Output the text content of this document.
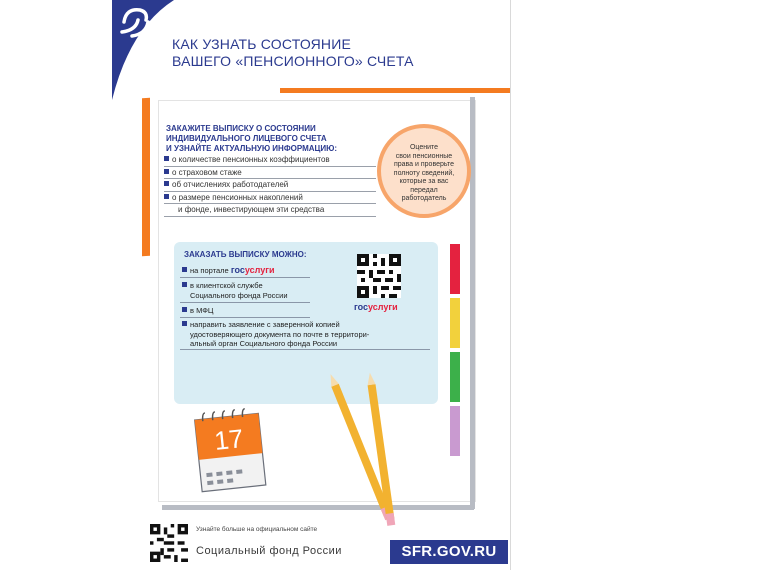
КАК УЗНАТЬ СОСТОЯНИЕ
ВАШЕГО «ПЕНСИОННОГО» СЧЕТА
ЗАКАЖИТЕ ВЫПИСКУ О СОСТОЯНИИ
ИНДИВИДУАЛЬНОГО ЛИЦЕВОГО СЧЕТА
И УЗНАЙТЕ АКТУАЛЬНУЮ ИНФОРМАЦИЮ:
о количестве пенсионных коэффициентов
о страховом стаже
об отчислениях работодателей
о размере пенсионных накоплений
и фонде, инвестирующем эти средства
Оцените
свои пенсионные
права и проверьте
полноту сведений,
которые за вас
передал
работодатель
ЗАКАЗАТЬ ВЫПИСКУ МОЖНО:
на портале госуслуги
в клиентской службе
Социального фонда России
в МФЦ
направить заявление с заверенной копией
удостоверяющего документа по почте в территори-
альный орган Социального фонда России
госуслуги
17
Узнайте больше на официальном сайте
Социальный фонд России	SFR.GOV.RU
